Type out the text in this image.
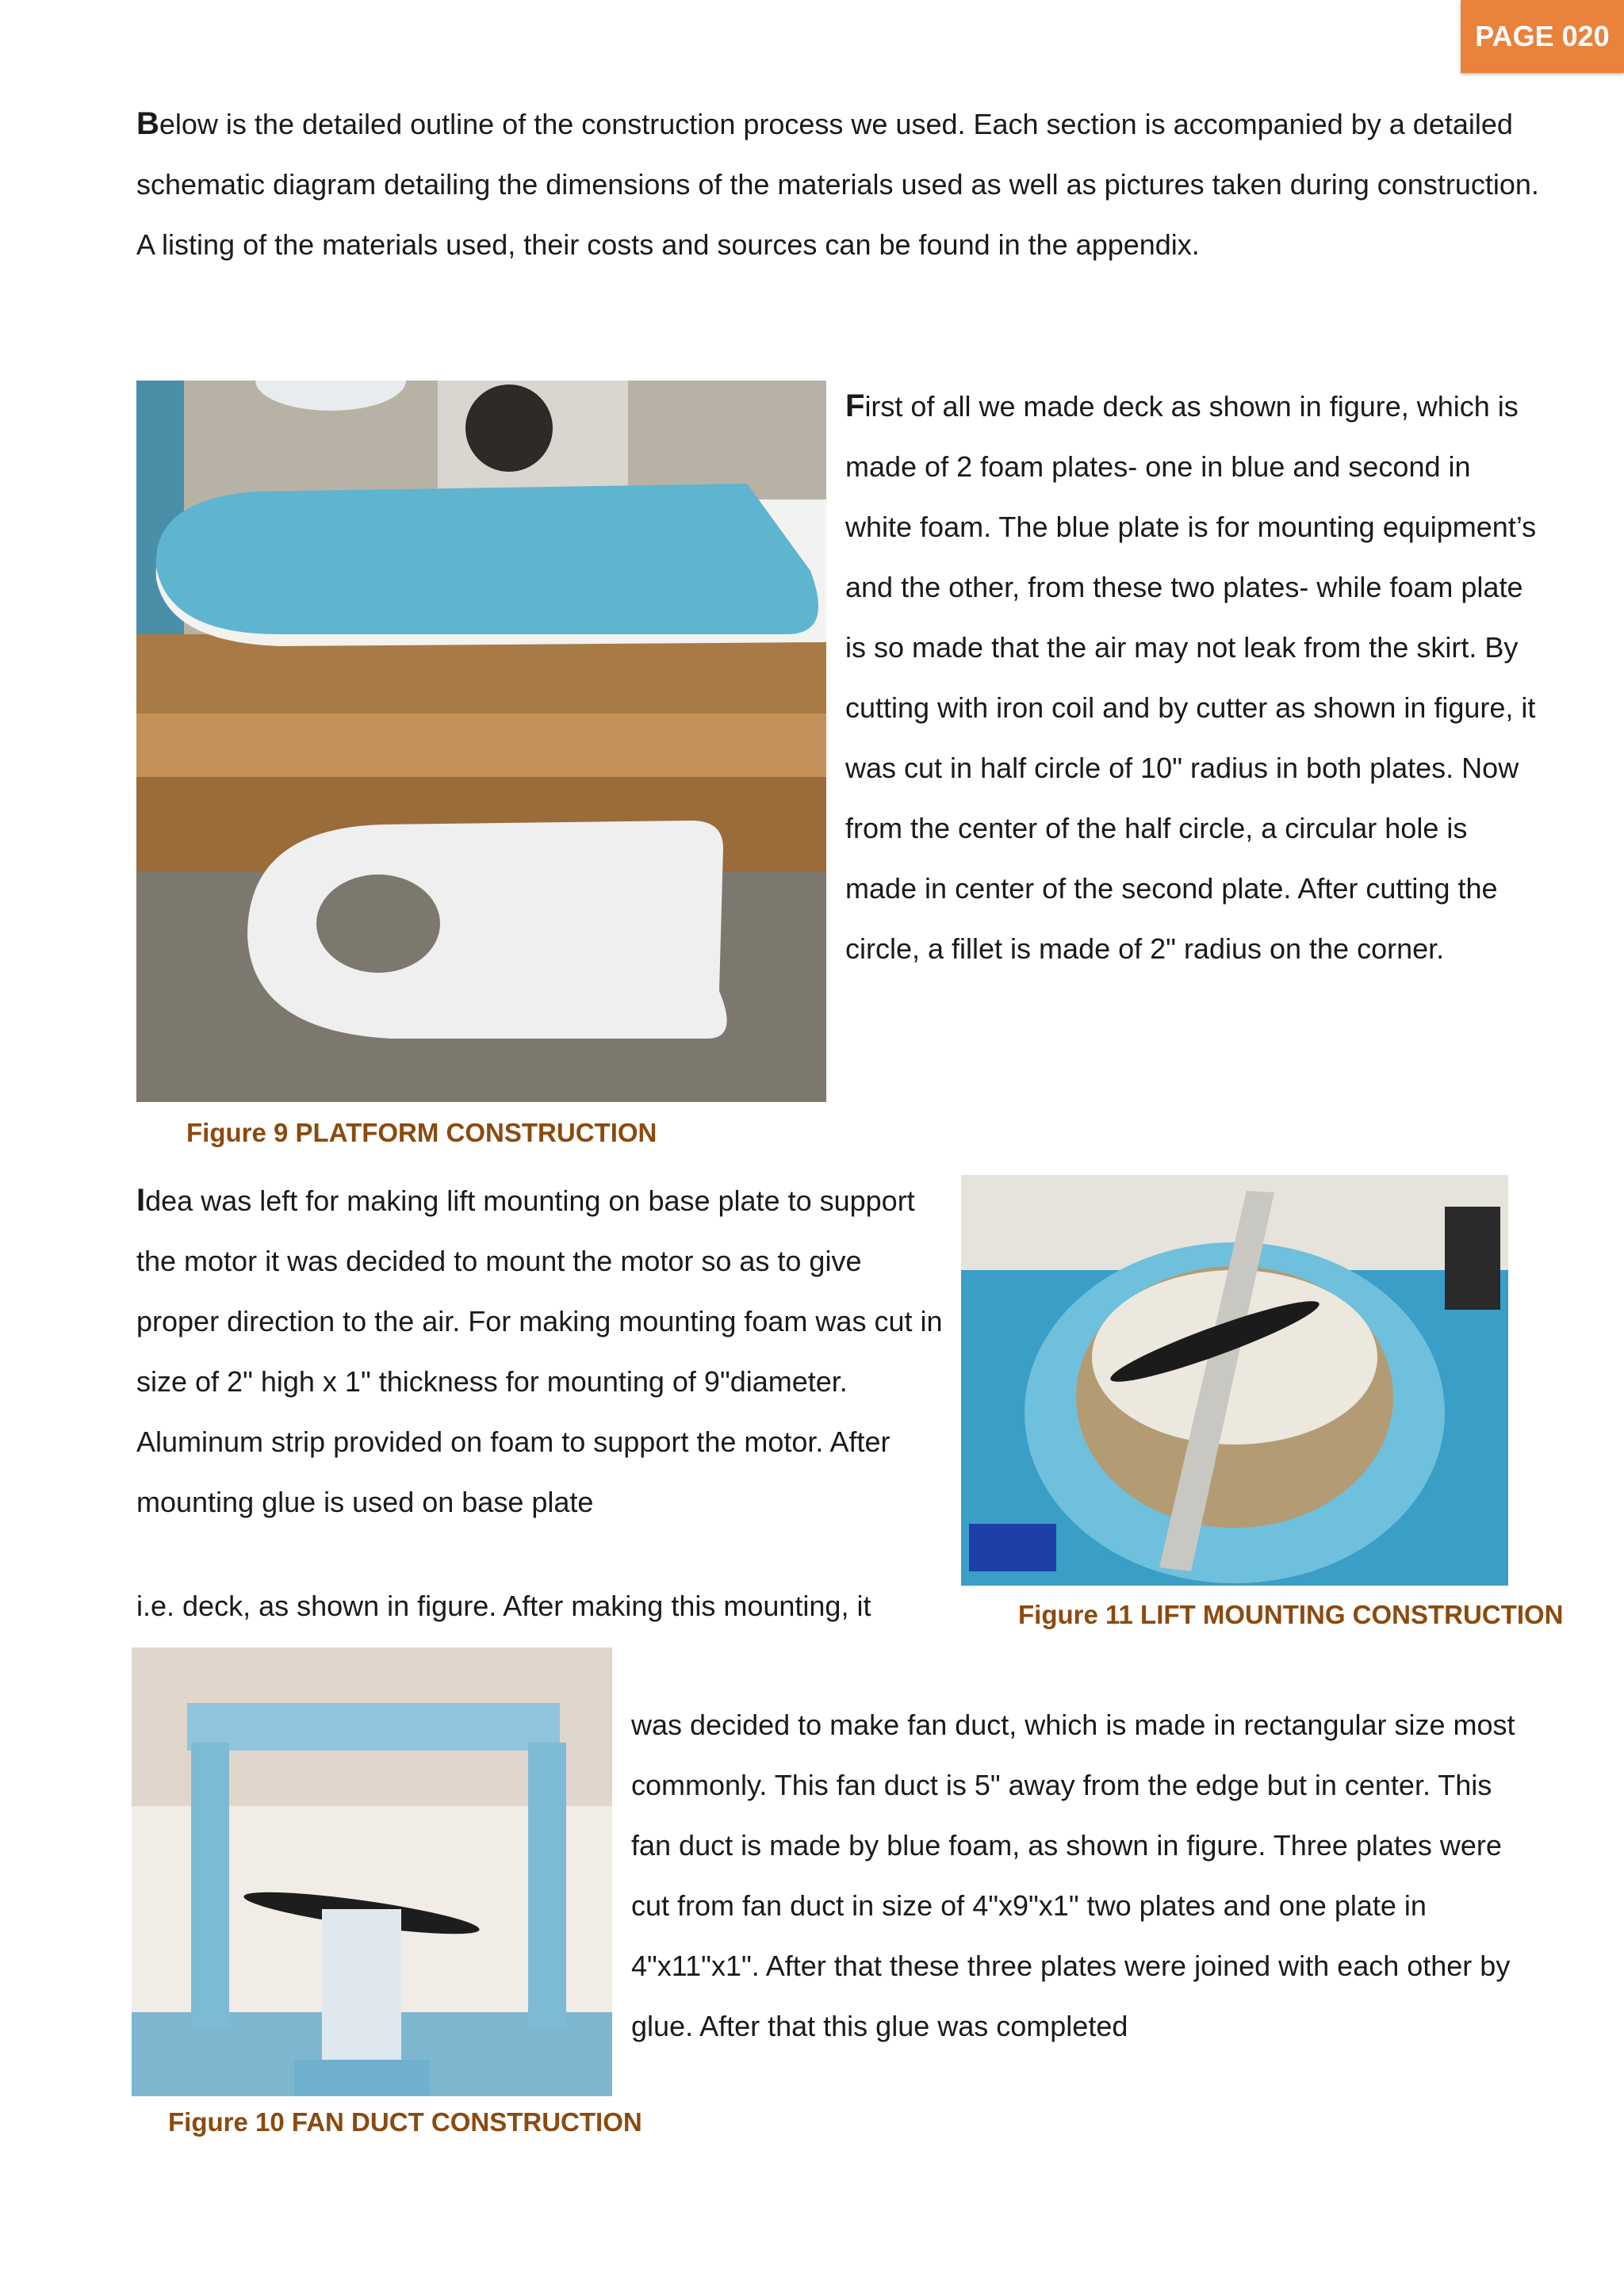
PAGE 020

Below is the detailed outline of the construction process we used. Each section is accompanied by a detailed schematic diagram detailing the dimensions of the materials used as well as pictures taken during construction. A listing of the materials used, their costs and sources can be found in the appendix.

Figure 9 PLATFORM CONSTRUCTION

First of all we made deck as shown in figure, which is made of 2 foam plates- one in blue and second in white foam. The blue plate is for mounting equipment’s and the other, from these two plates- while foam plate is so made that the air may not leak from the skirt. By cutting with iron coil and by cutter as shown in figure, it was cut in half circle of 10" radius in both plates. Now from the center of the half circle, a circular hole is made in center of the second plate. After cutting the circle, a fillet is made of 2" radius on the corner.

Idea was left for making lift mounting on base plate to support the motor it was decided to mount the motor so as to give proper direction to the air. For making mounting foam was cut in size of 2" high x 1" thickness for mounting of 9"diameter. Aluminum strip provided on foam to support the motor. After mounting glue is used on base plate

i.e. deck, as shown in figure. After making this mounting, it	Figure 11 LIFT MOUNTING CONSTRUCTION

Figure 10 FAN DUCT CONSTRUCTION

was decided to make fan duct, which is made in rectangular size most commonly. This fan duct is 5" away from the edge but in center. This fan duct is made by blue foam, as shown in figure. Three plates were cut from fan duct in size of 4"x9"x1" two plates and one plate in 4"x11"x1". After that these three plates were joined with each other by glue. After that this glue was completed
